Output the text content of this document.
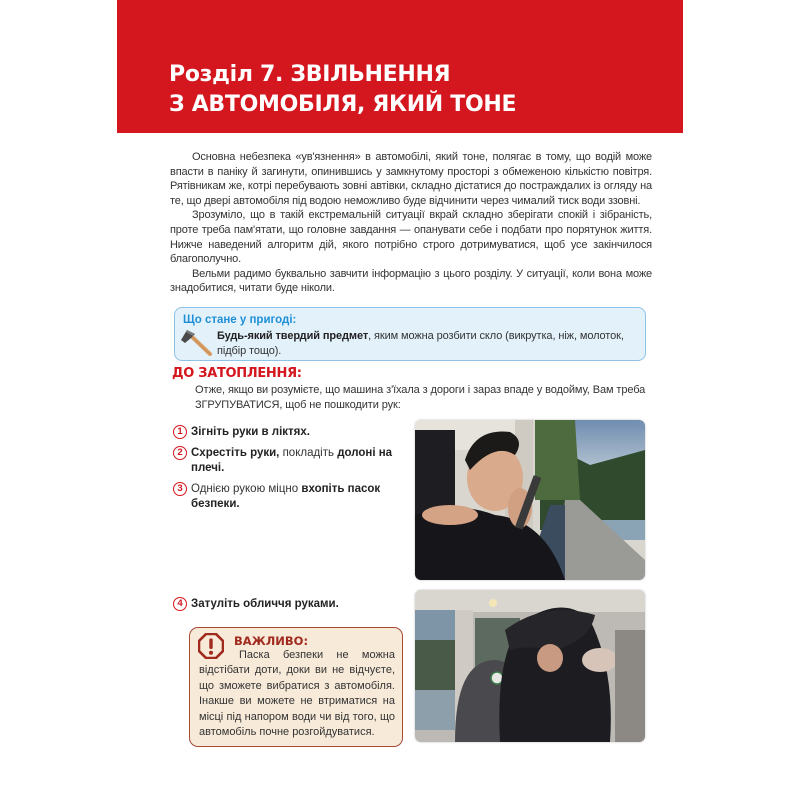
Розділ 7. ЗВІЛЬНЕННЯ
З АВТОМОБІЛЯ, ЯКИЙ ТОНЕ

Основна небезпека «ув'язнення» в автомобілі, який тоне, полягає в тому, що водій може впасти в паніку й загинути, опинившись у замкнутому просторі з обмеженою кількістю повітря. Рятівникам же, котрі перебувають зовні автівки, складно дістатися до постраждалих із огляду на те, що двері автомобіля під водою неможливо буде відчинити через чималий тиск води ззовні.

Зрозуміло, що в такій екстремальній ситуації вкрай складно зберігати спокій і зібраність, проте треба пам'ятати, що головне завдання — опанувати себе і подбати про порятунок життя. Нижче наведений алгоритм дій, якого потрібно строго дотримуватися, щоб усе закінчилося благополучно.

Вельми радимо буквально завчити інформацію з цього розділу. У ситуації, коли вона може знадобитися, читати буде ніколи.

Що стане у пригоді:
Будь-який твердий предмет, яким можна розбити скло (викрутка, ніж, молоток, підбір тощо).
ДО ЗАТОПЛЕННЯ:
Отже, якщо ви розумієте, що машина з'їхала з дороги і зараз впаде у водойму, Вам треба ЗГРУПУВАТИСЯ, щоб не пошкодити рук:
1 Зігніть руки в ліктях.
2 Схрестіть руки, покладіть долоні на плечі.
3 Однією рукою міцно вхопіть пасок безпеки.
4 Затуліть обличчя руками.
ВАЖЛИВО:
Паска безпеки не можна відстібати доти, доки ви не відчуєте, що зможете вибратися з автомобіля. Інакше ви можете не втриматися на місці під напором води чи від того, що автомобіль почне розгойдуватися.
